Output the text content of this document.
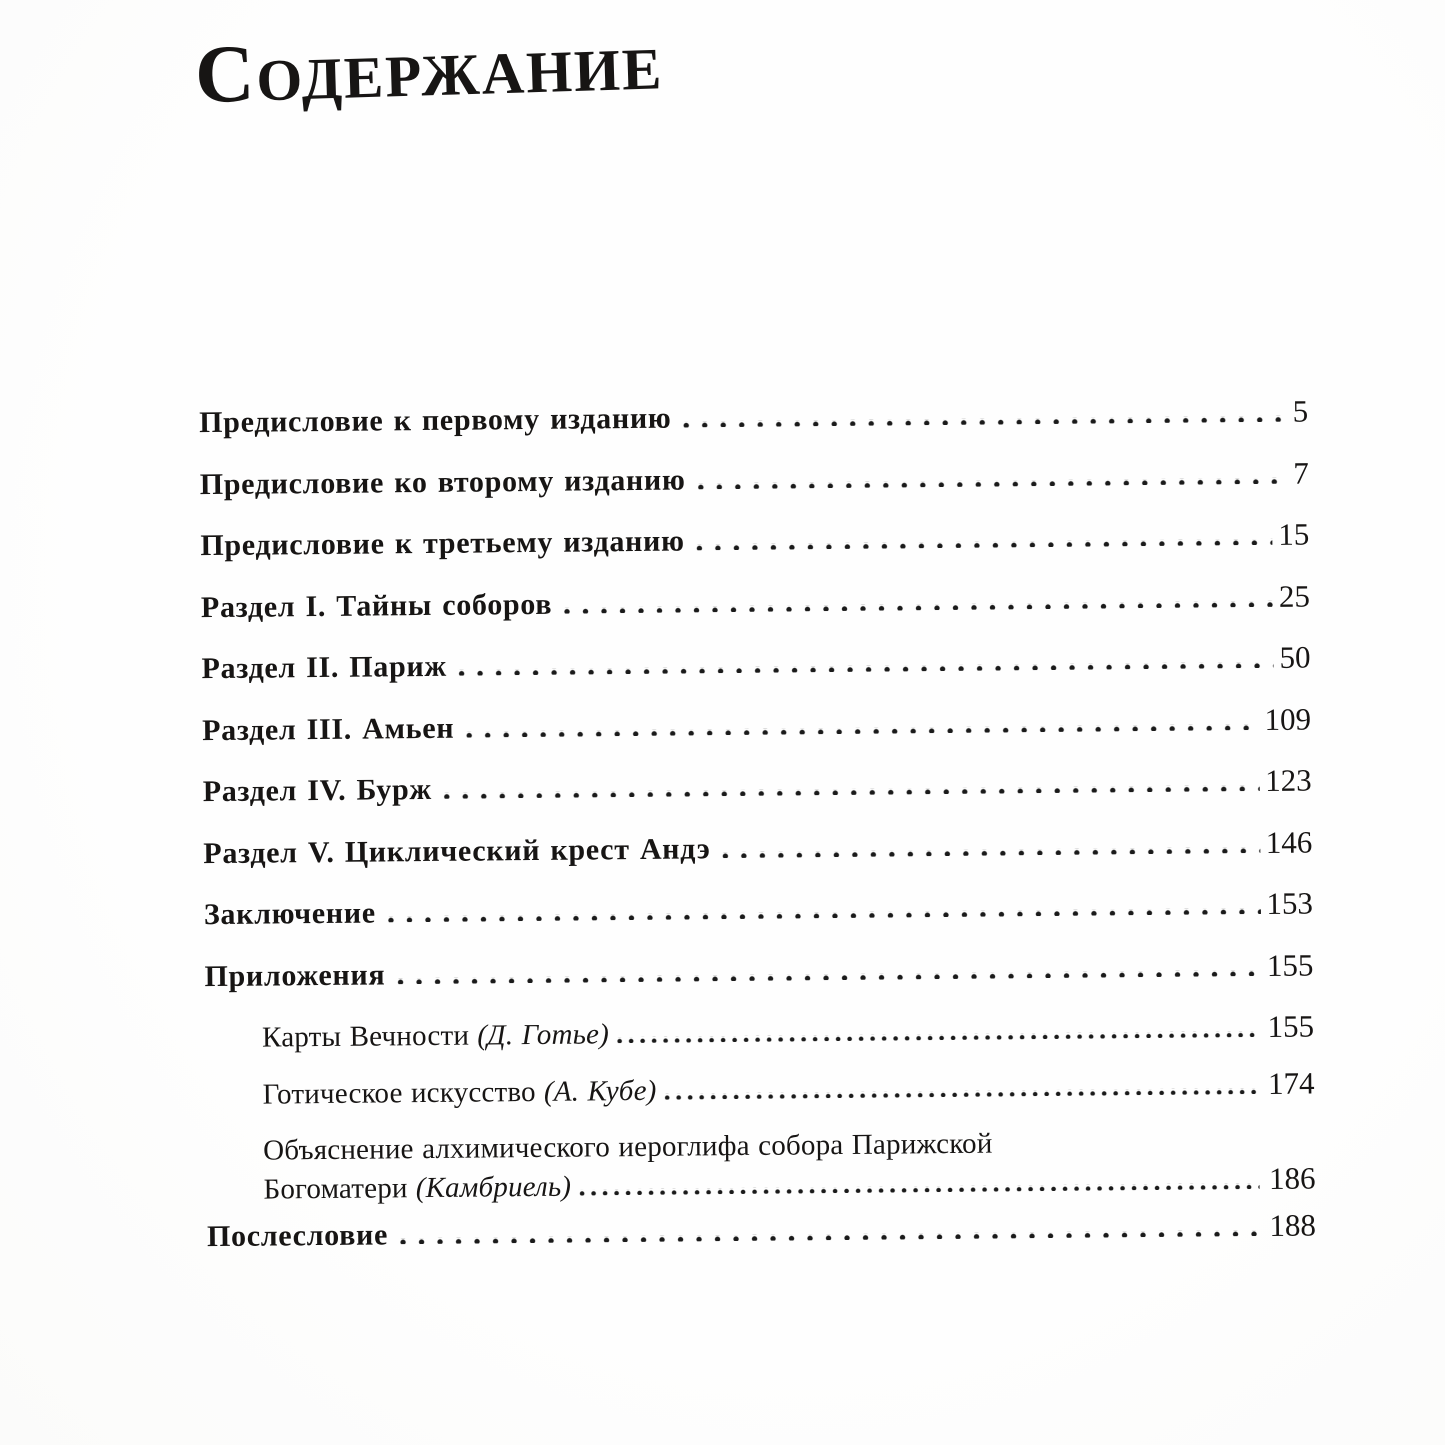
СОДЕРЖАНИЕ
Предисловие к первому изданию	5
Предисловие ко второму изданию	7
Предисловие к третьему изданию	15
Раздел I. Тайны соборов	25
Раздел II. Париж	50
Раздел III. Амьен	109
Раздел IV. Бурж	123
Раздел V. Циклический крест Андэ	146
Заключение	153
Приложения	155
Карты Вечности (Д. Готье)	155
Готическое искусство (А. Кубе)	174
Объяснение алхимического иероглифа собора Парижской
Богоматери (Камбриель)	186
Послесловие	188
